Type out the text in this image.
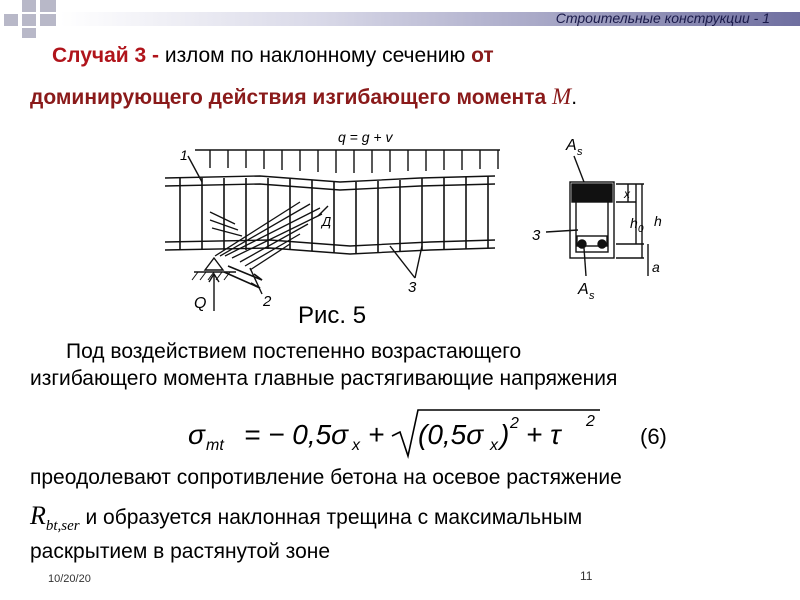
Строительные конструкции - 1
Случай 3 - излом по наклонному сечению от
доминирующего действия изгибающего момента M.
q = g + v
1
2
3
Д
Q
A s
3
A s
x
h 0
h
a
Рис. 5
Под воздействием постепенно возрастающего
изгибающего момента главные растягивающие напряжения
σ mt = − 0,5σ x + (0,5σ x ) 2 + τ 2
(6)
преодолевают сопротивление бетона на осевое растяжение
$R_{bt,ser}$ и образуется наклонная трещина с максимальным
раскрытием в растянутой зоне
10/20/20	11
